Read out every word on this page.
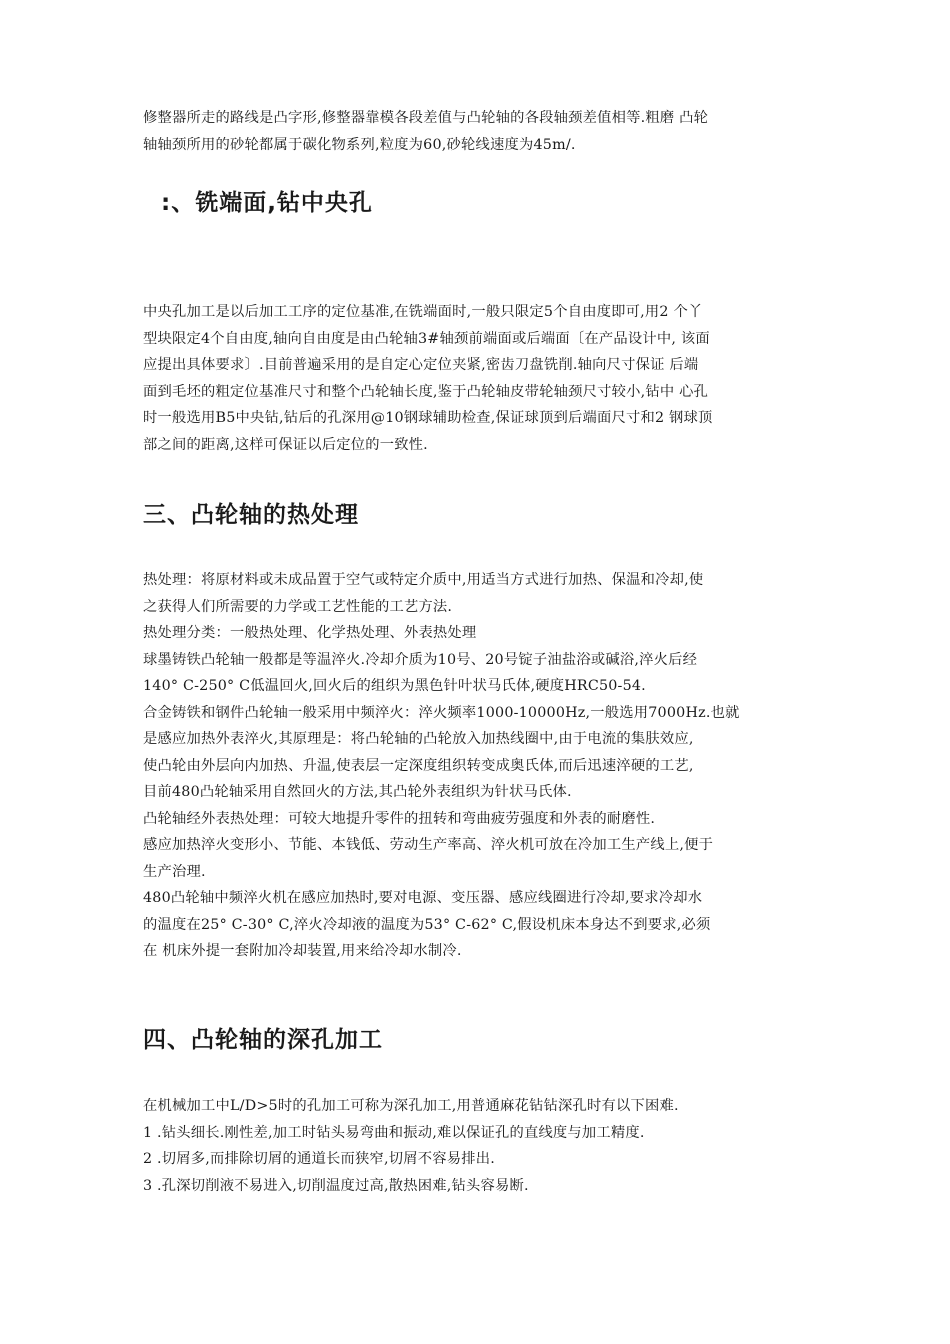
修整器所走的路线是凸字形,修整器靠模各段差值与凸轮轴的各段轴颈差值相等.粗磨 凸轮
轴轴颈所用的砂轮都属于碳化物系列,粒度为60,砂轮线速度为45m/.
:、铣端面,钻中央孔
中央孔加工是以后加工工序的定位基准,在铣端面时,一般只限定5个自由度即可,用2 个丫
型块限定4个自由度,轴向自由度是由凸轮轴3#轴颈前端面或后端面〔在产品设计中, 该面
应提出具体要求〕.目前普遍采用的是自定心定位夹紧,密齿刀盘铣削.轴向尺寸保证 后端
面到毛坯的粗定位基准尺寸和整个凸轮轴长度,鉴于凸轮轴皮带轮轴颈尺寸较小,钻中 心孔
时一般选用B5中央钻,钻后的孔深用@10钢球辅助检查,保证球顶到后端面尺寸和2 钢球顶
部之间的距离,这样可保证以后定位的一致性.
三、凸轮轴的热处理
热处理：将原材料或未成品置于空气或特定介质中,用适当方式进行加热、保温和冷却,使
之获得人们所需要的力学或工艺性能的工艺方法.
热处理分类：一般热处理、化学热处理、外表热处理
球墨铸铁凸轮轴一般都是等温淬火.冷却介质为10号、20号锭子油盐浴或碱浴,淬火后经
140° C-250° C低温回火,回火后的组织为黑色针叶状马氏体,硬度HRC50-54.
合金铸铁和钢件凸轮轴一般采用中频淬火：淬火频率1000-10000Hz,一般选用7000Hz.也就
是感应加热外表淬火,其原理是：将凸轮轴的凸轮放入加热线圈中,由于电流的集肤效应,
使凸轮由外层向内加热、升温,使表层一定深度组织转变成奥氏体,而后迅速淬硬的工艺,
目前480凸轮轴采用自然回火的方法,其凸轮外表组织为针状马氏体.
凸轮轴经外表热处理：可较大地提升零件的扭转和弯曲疲劳强度和外表的耐磨性.
感应加热淬火变形小、节能、本钱低、劳动生产率高、淬火机可放在冷加工生产线上,便于
生产治理.
480凸轮轴中频淬火机在感应加热时,要对电源、变压器、感应线圈进行冷却,要求冷却水
的温度在25° C-30° C,淬火冷却液的温度为53° C-62° C,假设机床本身达不到要求,必须
在 机床外提一套附加冷却装置,用来给冷却水制冷.
四、凸轮轴的深孔加工
在机械加工中L/D>5时的孔加工可称为深孔加工,用普通麻花钻钻深孔时有以下困难.
1 .钻头细长.刚性差,加工时钻头易弯曲和振动,难以保证孔的直线度与加工精度.
2 .切屑多,而排除切屑的通道长而狭窄,切屑不容易排出.
3 .孔深切削液不易进入,切削温度过高,散热困难,钻头容易断.
